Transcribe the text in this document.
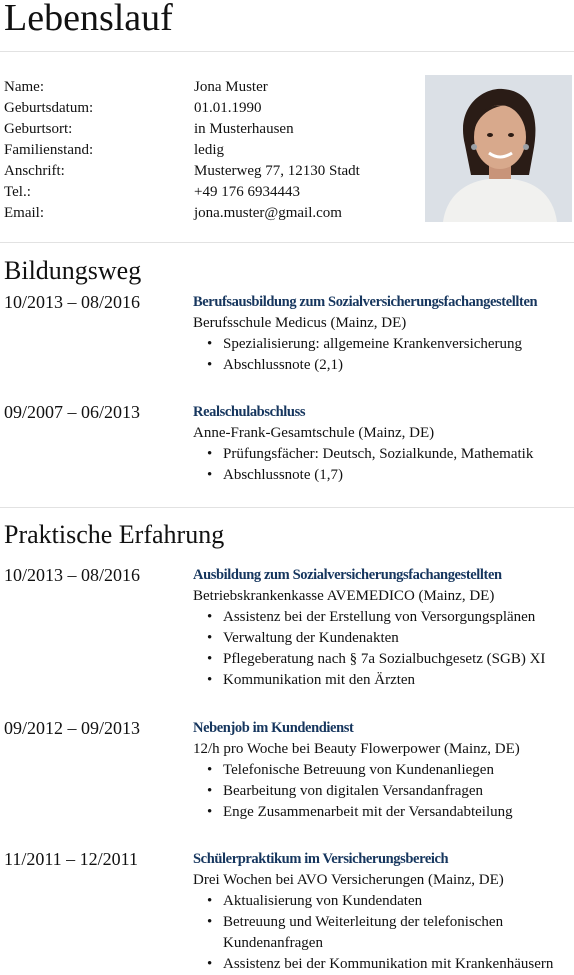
Lebenslauf
Name:	Jona Muster
Geburtsdatum:	01.01.1990
Geburtsort:	in Musterhausen
Familienstand:	ledig
Anschrift:	Musterweg 77, 12130 Stadt
Tel.:	+49 176 6934443
Email:	jona.muster@gmail.com
Bildungsweg
10/2013 – 08/2016	Berufsausbildung zum Sozialversicherungsfachangestellten
Berufsschule Medicus (Mainz, DE)
• Spezialisierung: allgemeine Krankenversicherung
• Abschlussnote (2,1)
09/2007 – 06/2013	Realschulabschluss
Anne-Frank-Gesamtschule (Mainz, DE)
• Prüfungsfächer: Deutsch, Sozialkunde, Mathematik
• Abschlussnote (1,7)
Praktische Erfahrung
10/2013 – 08/2016	Ausbildung zum Sozialversicherungsfachangestellten
Betriebskrankenkasse AVEMEDICO (Mainz, DE)
• Assistenz bei der Erstellung von Versorgungsplänen
• Verwaltung der Kundenakten
• Pflegeberatung nach § 7a Sozialbuchgesetz (SGB) XI
• Kommunikation mit den Ärzten
09/2012 – 09/2013	Nebenjob im Kundendienst
12/h pro Woche bei Beauty Flowerpower (Mainz, DE)
• Telefonische Betreuung von Kundenanliegen
• Bearbeitung von digitalen Versandanfragen
• Enge Zusammenarbeit mit der Versandabteilung
11/2011 – 12/2011	Schülerpraktikum im Versicherungsbereich
Drei Wochen bei AVO Versicherungen (Mainz, DE)
• Aktualisierung von Kundendaten
• Betreuung und Weiterleitung der telefonischen Kundenanfragen
• Assistenz bei der Kommunikation mit Krankenhäusern
